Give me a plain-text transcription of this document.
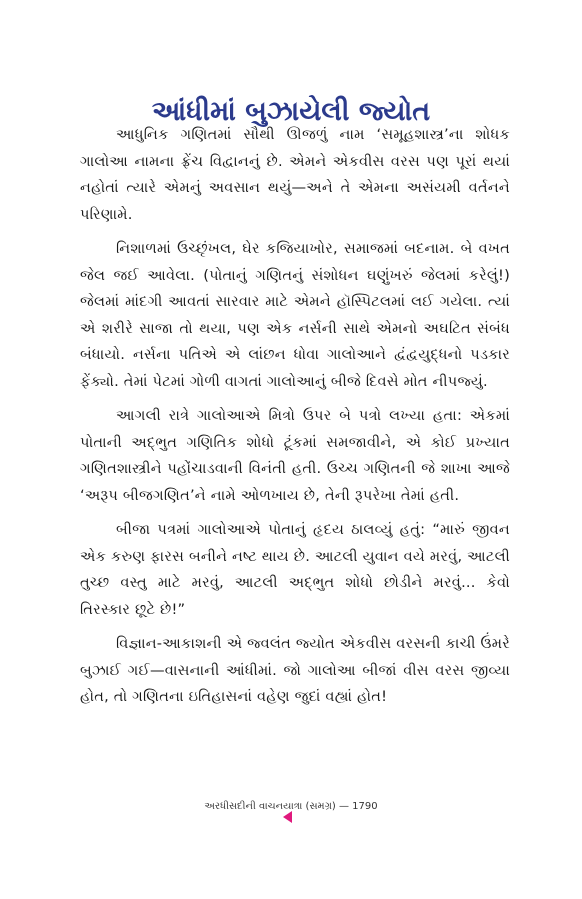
આંધીમાં બુઝાયેલી જ્યોત

આધુનિક ગણિતમાં સૌથી ઊજળું નામ ‘સમૂહશાસ્ત્ર’ના શોધક ગાલોઆ નામના ફ્રેંચ વિદ્વાનનું છે. એમને એકવીસ વરસ પણ પૂરાં થયાં નહોતાં ત્યારે એમનું અવસાન થયું—અને તે એમના અસંયમી વર્તનને પરિણામે.

નિશાળમાં ઉચ્છૃંખલ, ઘેર કજિયાખોર, સમાજમાં બદનામ. બે વખત જેલ જઈ આવેલા. (પોતાનું ગણિતનું સંશોધન ઘણુંખરું જેલમાં કરેલું!) જેલમાં માંદગી આવતાં સારવાર માટે એમને હૉસ્પિટલમાં લઈ ગયેલા. ત્યાં એ શરીરે સાજા તો થયા, પણ એક નર્સની સાથે એમનો અઘટિત સંબંધ બંધાયો. નર્સના પતિએ એ લાંછન ધોવા ગાલોઆને દ્વંદ્વયુદ્ધનો પડકાર ફેંક્યો. તેમાં પેટમાં ગોળી વાગતાં ગાલોઆનું બીજે દિવસે મોત નીપજ્યું.

આગલી રાત્રે ગાલોઆએ મિત્રો ઉપર બે પત્રો લખ્યા હતા: એકમાં પોતાની અદ્ભુત ગણિતિક શોધો ટૂંકમાં સમજાવીને, એ કોઈ પ્રખ્યાત ગણિતશાસ્ત્રીને પહોંચાડવાની વિનંતી હતી. ઉચ્ચ ગણિતની જે શાખા આજે ‘અરૂપ બીજગણિત’ને નામે ઓળખાય છે, તેની રૂપરેખા તેમાં હતી.

બીજા પત્રમાં ગાલોઆએ પોતાનું હૃદય ઠાલવ્યું હતું: “મારું જીવન એક કરુણ ફારસ બનીને નષ્ટ થાય છે. આટલી યુવાન વયે મરવું, આટલી તુચ્છ વસ્તુ માટે મરવું, આટલી અદ્ભુત શોધો છોડીને મરવું... કેવો તિરસ્કાર છૂટે છે!”

વિજ્ઞાન-આકાશની એ જ્વલંત જ્યોત એકવીસ વરસની કાચી ઉંમરે બુઝાઈ ગઈ—વાસનાની આંધીમાં. જો ગાલોઆ બીજાં વીસ વરસ જીવ્યા હોત, તો ગણિતના ઇતિહાસનાં વહેણ જુદાં વહ્યાં હોત!

અરધીસદીની વાચનયાત્રા (સમગ્ર) — 1790
